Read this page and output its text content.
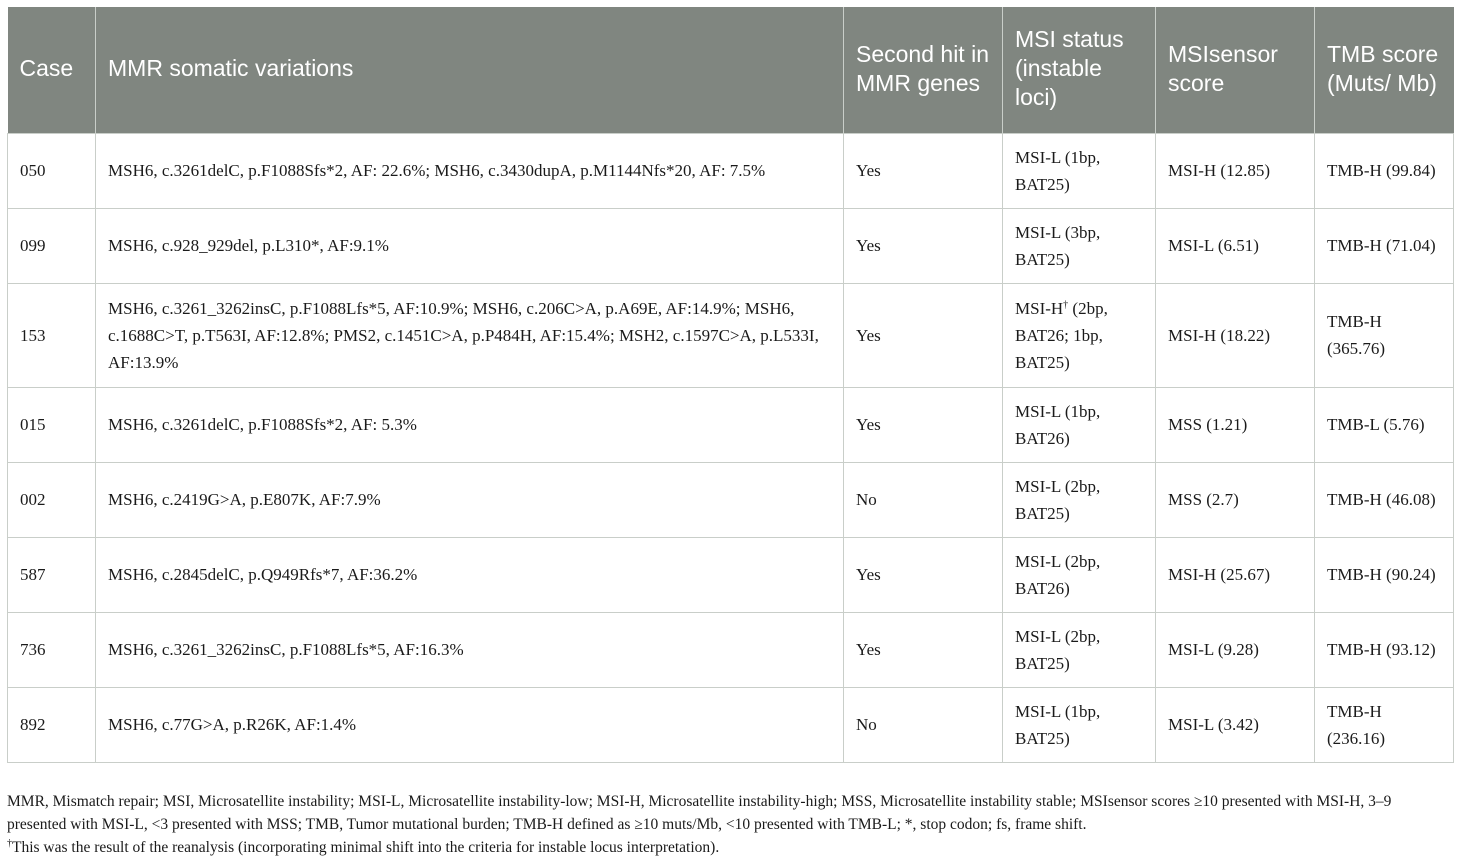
Case	MMR somatic variations	Second hit in MMR genes	MSI status (instable loci)	MSIsensor score	TMB score (Muts/ Mb)
050	MSH6, c.3261delC, p.F1088Sfs*2, AF: 22.6%; MSH6, c.3430dupA, p.M1144Nfs*20, AF: 7.5%	Yes	MSI-L (1bp, BAT25)	MSI-H (12.85)	TMB-H (99.84)
099	MSH6, c.928_929del, p.L310*, AF:9.1%	Yes	MSI-L (3bp, BAT25)	MSI-L (6.51)	TMB-H (71.04)
153	MSH6, c.3261_3262insC, p.F1088Lfs*5, AF:10.9%; MSH6, c.206C>A, p.A69E, AF:14.9%; MSH6, c.1688C>T, p.T563I, AF:12.8%; PMS2, c.1451C>A, p.P484H, AF:15.4%; MSH2, c.1597C>A, p.L533I, AF:13.9%	Yes	MSI-H† (2bp, BAT26; 1bp, BAT25)	MSI-H (18.22)	TMB-H (365.76)
015	MSH6, c.3261delC, p.F1088Sfs*2, AF: 5.3%	Yes	MSI-L (1bp, BAT26)	MSS (1.21)	TMB-L (5.76)
002	MSH6, c.2419G>A, p.E807K, AF:7.9%	No	MSI-L (2bp, BAT25)	MSS (2.7)	TMB-H (46.08)
587	MSH6, c.2845delC, p.Q949Rfs*7, AF:36.2%	Yes	MSI-L (2bp, BAT26)	MSI-H (25.67)	TMB-H (90.24)
736	MSH6, c.3261_3262insC, p.F1088Lfs*5, AF:16.3%	Yes	MSI-L (2bp, BAT25)	MSI-L (9.28)	TMB-H (93.12)
892	MSH6, c.77G>A, p.R26K, AF:1.4%	No	MSI-L (1bp, BAT25)	MSI-L (3.42)	TMB-H (236.16)

MMR, Mismatch repair; MSI, Microsatellite instability; MSI-L, Microsatellite instability-low; MSI-H, Microsatellite instability-high; MSS, Microsatellite instability stable; MSIsensor scores ≥10 presented with MSI-H, 3–9 presented with MSI-L, <3 presented with MSS; TMB, Tumor mutational burden; TMB-H defined as ≥10 muts/Mb, <10 presented with TMB-L; *, stop codon; fs, frame shift.

†This was the result of the reanalysis (incorporating minimal shift into the criteria for instable locus interpretation).
